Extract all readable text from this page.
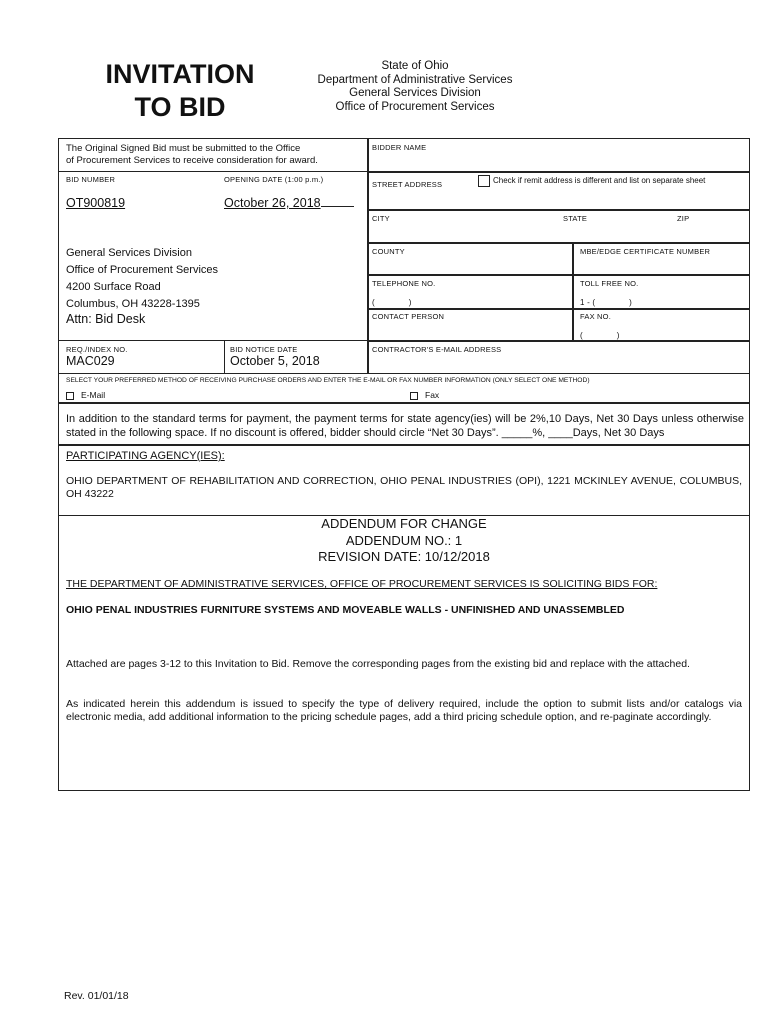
INVITATION
TO BID
State of Ohio
Department of Administrative Services
General Services Division
Office of Procurement Services
The Original Signed Bid must be submitted to the Office
of Procurement Services to receive consideration for award.
BID NUMBER
OT900819
OPENING DATE (1:00 p.m.)
October 26, 2018
General Services Division
Office of Procurement Services
4200 Surface Road
Columbus, OH 43228-1395
Attn: Bid Desk
REQ./INDEX NO.
MAC029
BID NOTICE DATE
October 5, 2018
BIDDER NAME
STREET ADDRESS	Check if remit address is different and list on separate sheet
CITY	STATE	ZIP
COUNTY	MBE/EDGE CERTIFICATE NUMBER
TELEPHONE NO.
(              )
TOLL FREE NO.
1 - (              )
CONTACT PERSON	FAX NO.
(              )
CONTRACTOR'S E-MAIL ADDRESS
SELECT YOUR PREFERRED METHOD OF RECEIVING PURCHASE ORDERS AND ENTER THE E-MAIL OR FAX NUMBER INFORMATION (ONLY SELECT ONE METHOD)
E-Mail	Fax
In addition to the standard terms for payment, the payment terms for state agency(ies) will be 2%,10 Days, Net 30 Days unless otherwise stated in the following space. If no discount is offered, bidder should circle “Net 30 Days”. _____%, ____Days, Net 30 Days
PARTICIPATING AGENCY(IES):
OHIO DEPARTMENT OF REHABILITATION AND CORRECTION, OHIO PENAL INDUSTRIES (OPI), 1221 MCKINLEY AVENUE, COLUMBUS, OH 43222
ADDENDUM FOR CHANGE
ADDENDUM NO.: 1
REVISION DATE: 10/12/2018
THE DEPARTMENT OF ADMINISTRATIVE SERVICES, OFFICE OF PROCUREMENT SERVICES IS SOLICITING BIDS FOR:
OHIO PENAL INDUSTRIES FURNITURE SYSTEMS AND MOVEABLE WALLS - UNFINISHED AND UNASSEMBLED
Attached are pages 3-12 to this Invitation to Bid. Remove the corresponding pages from the existing bid and replace with the attached.
As indicated herein this addendum is issued to specify the type of delivery required, include the option to submit lists and/or catalogs via electronic media, add additional information to the pricing schedule pages, add a third pricing schedule option, and re-paginate accordingly.
Rev. 01/01/18
